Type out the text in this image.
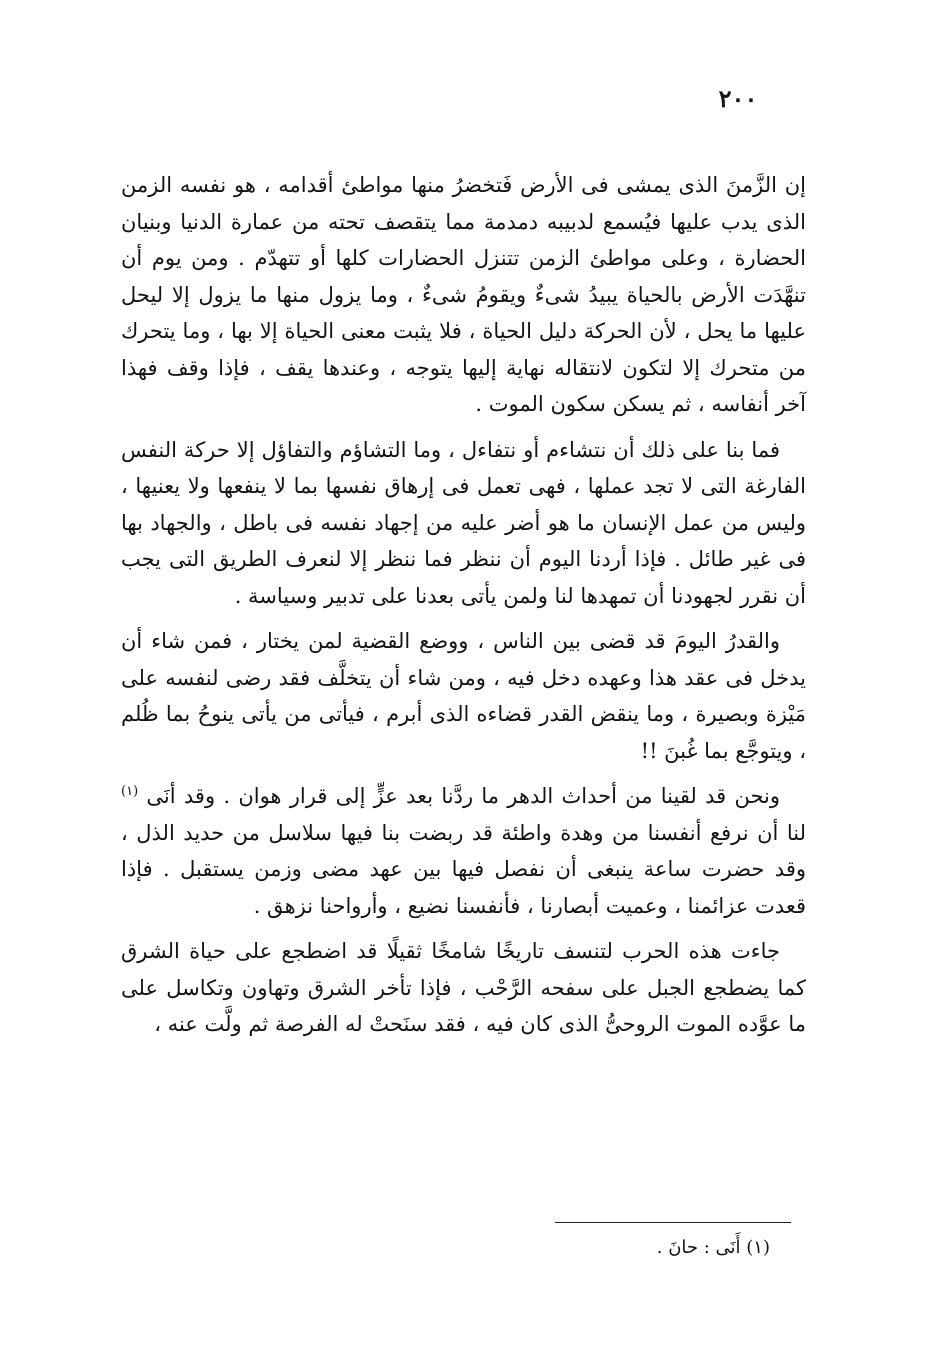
٢٠٠

إن الزَّمنَ الذى يمشى فى الأرض فَتخضرُ منها مواطئ أقدامه ، هو نفسه الزمن الذى يدب عليها فيُسمع لدبيبه دمدمة مما يتقصف تحته من عمارة الدنيا وبنيان الحضارة ، وعلى مواطئ الزمن تتنزل الحضارات كلها أو تتهدّم . ومن يوم أن تنهَّدَت الأرض بالحياة يبيدُ شىءٌ ويقومُ شىءٌ ، وما يزول منها ما يزول إلا ليحل عليها ما يحل ، لأن الحركة دليل الحياة ، فلا يثبت معنى الحياة إلا بها ، وما يتحرك من متحرك إلا لتكون لانتقاله نهاية إليها يتوجه ، وعندها يقف ، فإذا وقف فهذا آخر أنفاسه ، ثم يسكن سكون الموت .

فما بنا على ذلك أن نتشاءم أو نتفاءل ، وما التشاؤم والتفاؤل إلا حركة النفس الفارغة التى لا تجد عملها ، فهى تعمل فى إرهاق نفسها بما لا ينفعها ولا يعنيها ، وليس من عمل الإنسان ما هو أضر عليه من إجهاد نفسه فى باطل ، والجهاد بها فى غير طائل . فإذا أردنا اليوم أن ننظر فما ننظر إلا لنعرف الطريق التى يجب أن نقرر لجهودنا أن تمهدها لنا ولمن يأتى بعدنا على تدبير وسياسة .

والقدرُ اليومَ قد قضى بين الناس ، ووضع القضية لمن يختار ، فمن شاء أن يدخل فى عقد هذا وعهده دخل فيه ، ومن شاء أن يتخلَّف فقد رضى لنفسه على مَيْزة وبصيرة ، وما ينقض القدر قضاءه الذى أبرم ، فيأتى من يأتى ينوحُ بما ظُلم ، ويتوجَّع بما غُبنَ !!

ونحن قد لقينا من أحداث الدهر ما ردَّنا بعد عزٍّ إلى قرار هوان . وقد أنَى $^{(١)}$ لنا أن نرفع أنفسنا من وهدة واطئة قد ربضت بنا فيها سلاسل من حديد الذل ، وقد حضرت ساعة ينبغى أن نفصل فيها بين عهد مضى وزمن يستقبل . فإذا قعدت عزائمنا ، وعميت أبصارنا ، فأنفسنا نضيع ، وأرواحنا نزهق .

جاءت هذه الحرب لتنسف تاريخًا شامخًا ثقيلًا قد اضطجع على حياة الشرق كما يضطجع الجبل على سفحه الرَّحْب ، فإذا تأخر الشرق وتهاون وتكاسل على ما عوَّده الموت الروحىُّ الذى كان فيه ، فقد سنَحتْ له الفرصة ثم ولَّت عنه ،

(١) أَنَى : حانَ .
